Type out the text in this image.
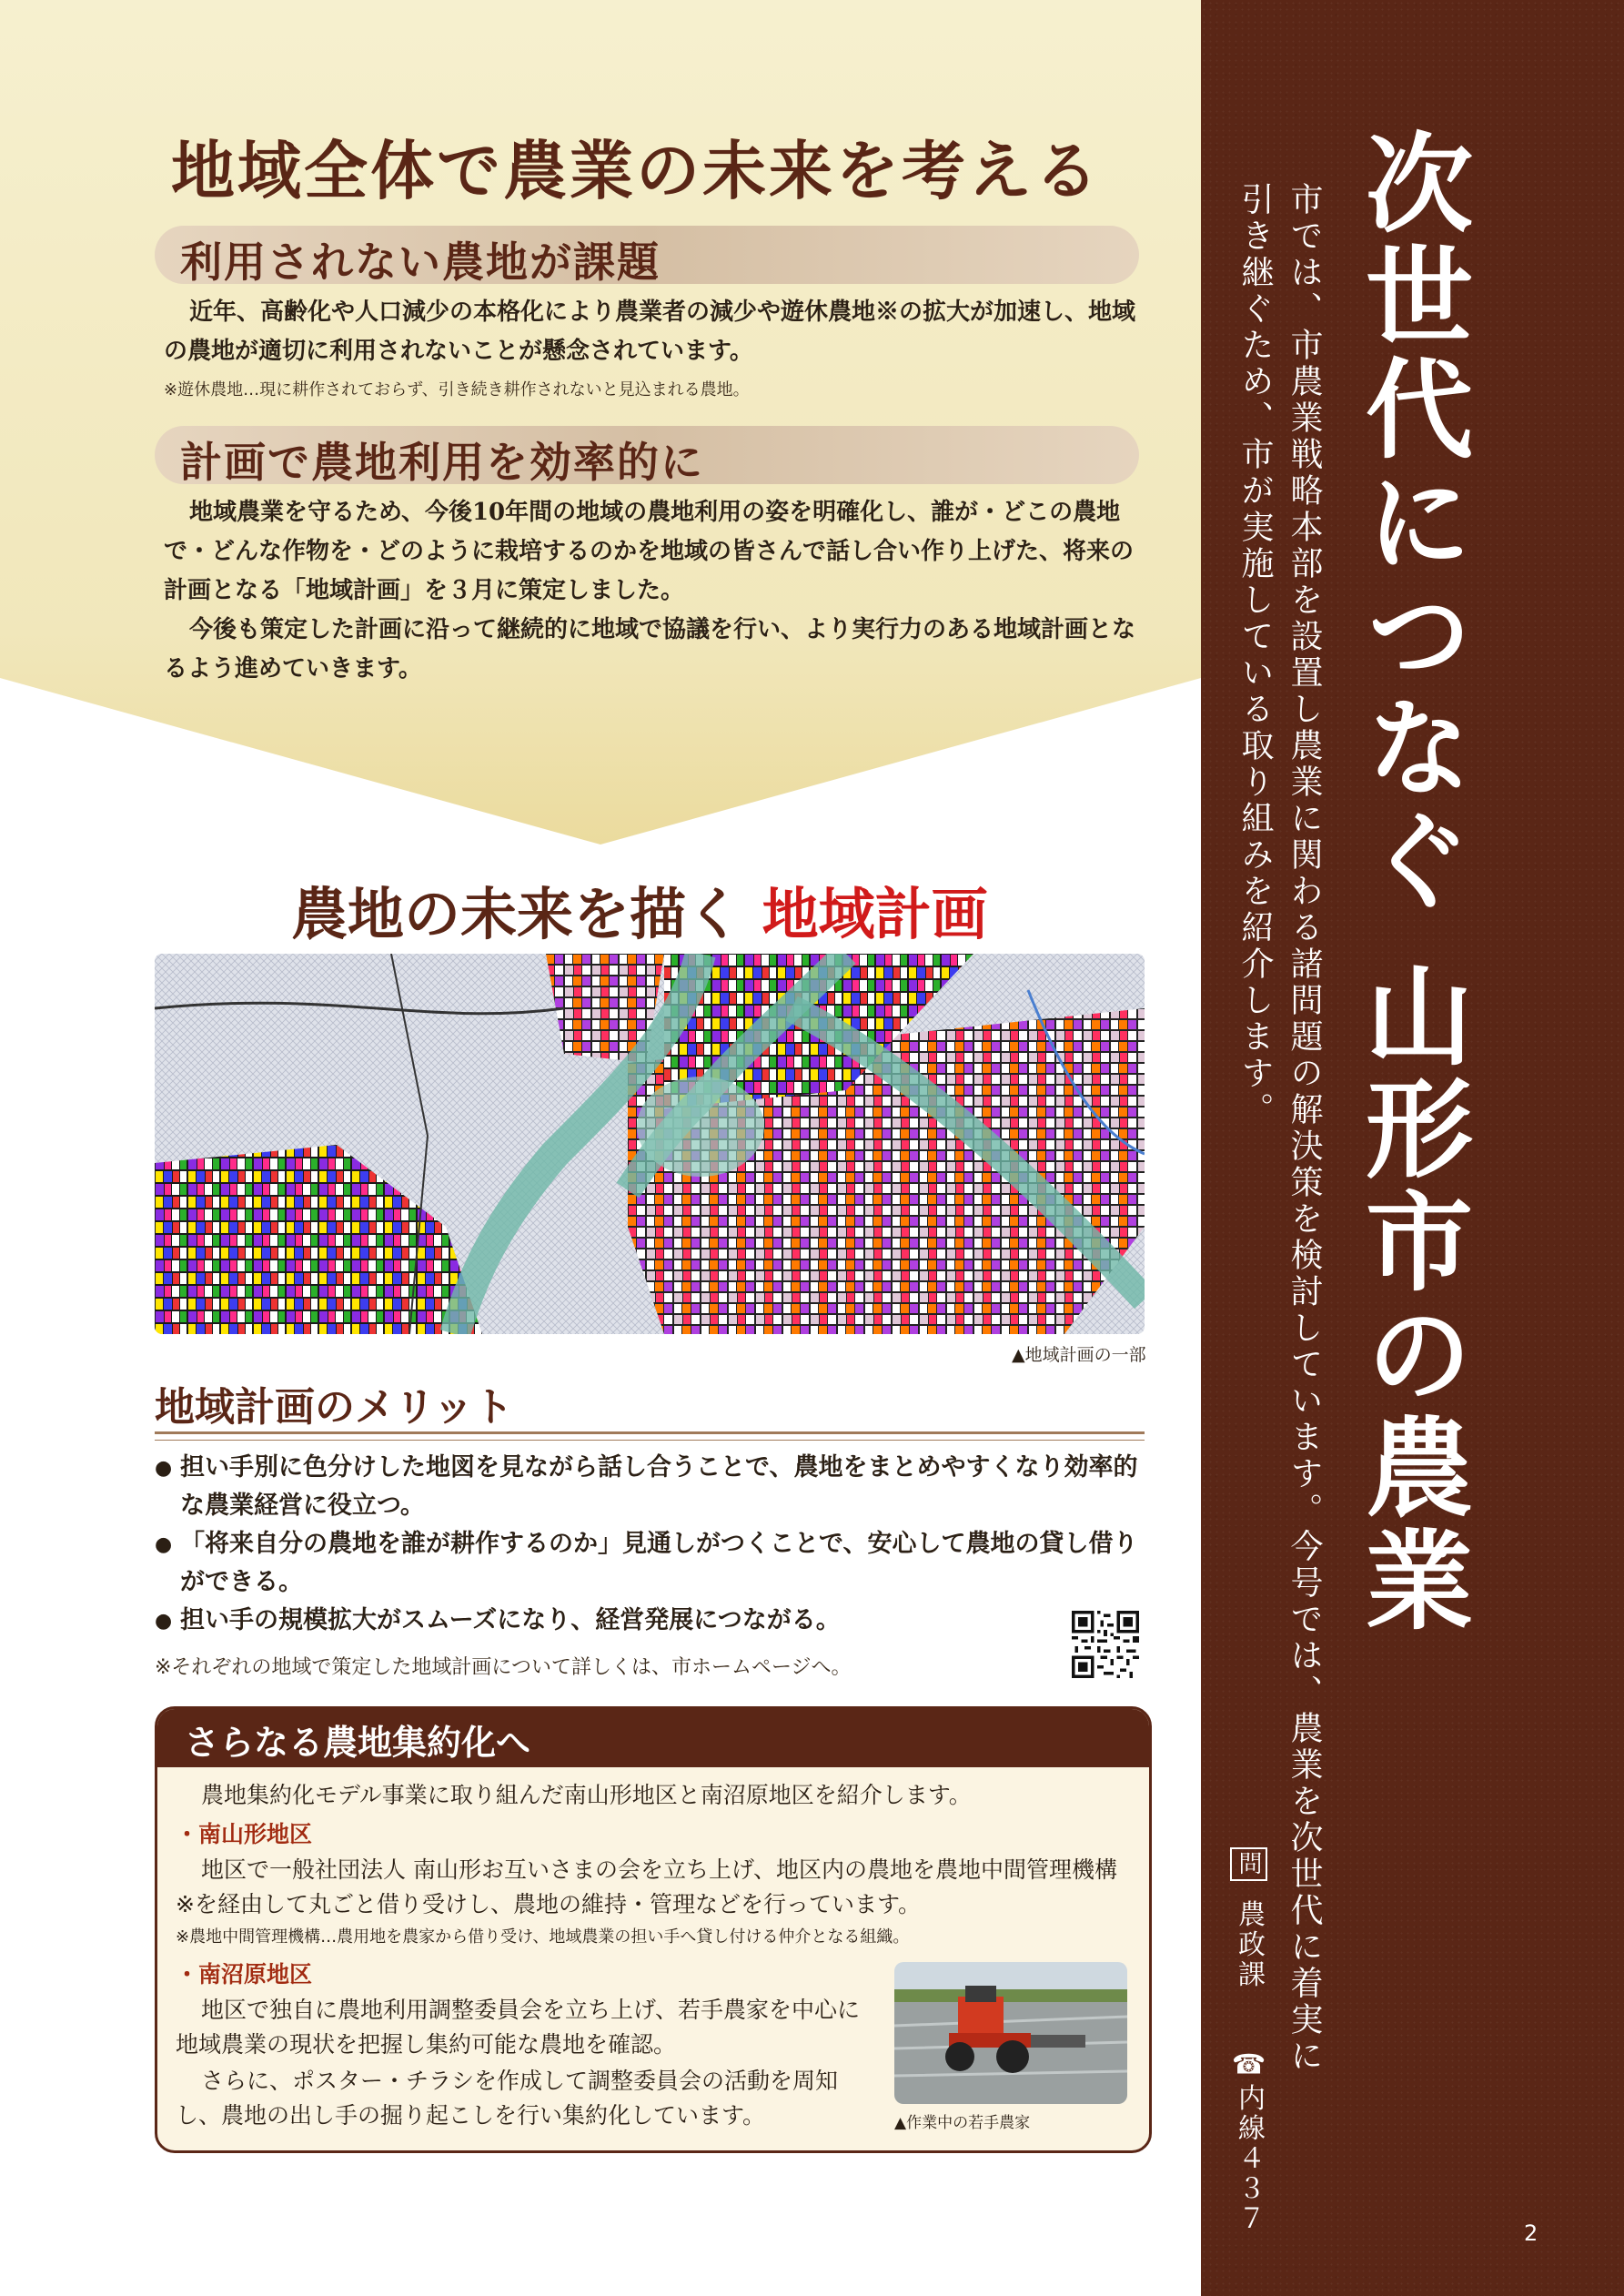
地域全体で農業の未来を考える
利用されない農地が課題
近年、高齢化や人口減少の本格化により農業者の減少や遊休農地※の拡大が加速し、地域の農地が適切に利用されないことが懸念されています。
※遊休農地…現に耕作されておらず、引き続き耕作されないと見込まれる農地。
計画で農地利用を効率的に
地域農業を守るため、今後10年間の地域の農地利用の姿を明確化し、誰が・どこの農地で・どんな作物を・どのように栽培するのかを地域の皆さんで話し合い作り上げた、将来の計画となる「地域計画」を３月に策定しました。
今後も策定した計画に沿って継続的に地域で協議を行い、より実行力のある地域計画となるよう進めていきます。
農地の未来を描く 地域計画
▲地域計画の一部
地域計画のメリット
● 担い手別に色分けした地図を見ながら話し合うことで、農地をまとめやすくなり効率的な農業経営に役立つ。
● 「将来自分の農地を誰が耕作するのか」見通しがつくことで、安心して農地の貸し借りができる。
● 担い手の規模拡大がスムーズになり、経営発展につながる。
※それぞれの地域で策定した地域計画について詳しくは、市ホームページへ。
さらなる農地集約化へ
農地集約化モデル事業に取り組んだ南山形地区と南沼原地区を紹介します。
・南山形地区
地区で一般社団法人 南山形お互いさまの会を立ち上げ、地区内の農地を農地中間管理機構※を経由して丸ごと借り受けし、農地の維持・管理などを行っています。
※農地中間管理機構…農用地を農家から借り受け、地域農業の担い手へ貸し付ける仲介となる組織。
・南沼原地区
地区で独自に農地利用調整委員会を立ち上げ、若手農家を中心に地域農業の現状を把握し集約可能な農地を確認。
さらに、ポスター・チラシを作成して調整委員会の活動を周知し、農地の出し手の掘り起こしを行い集約化しています。	▲作業中の若手農家
次世代につなぐ 山形市の農業
市では、市農業戦略本部を設置し農業に関わる諸問題の解決策を検討しています。今号では、農業を次世代に着実に引き継ぐため、市が実施している取り組みを紹介します。
問 農政課  ☎内線４３７	2
